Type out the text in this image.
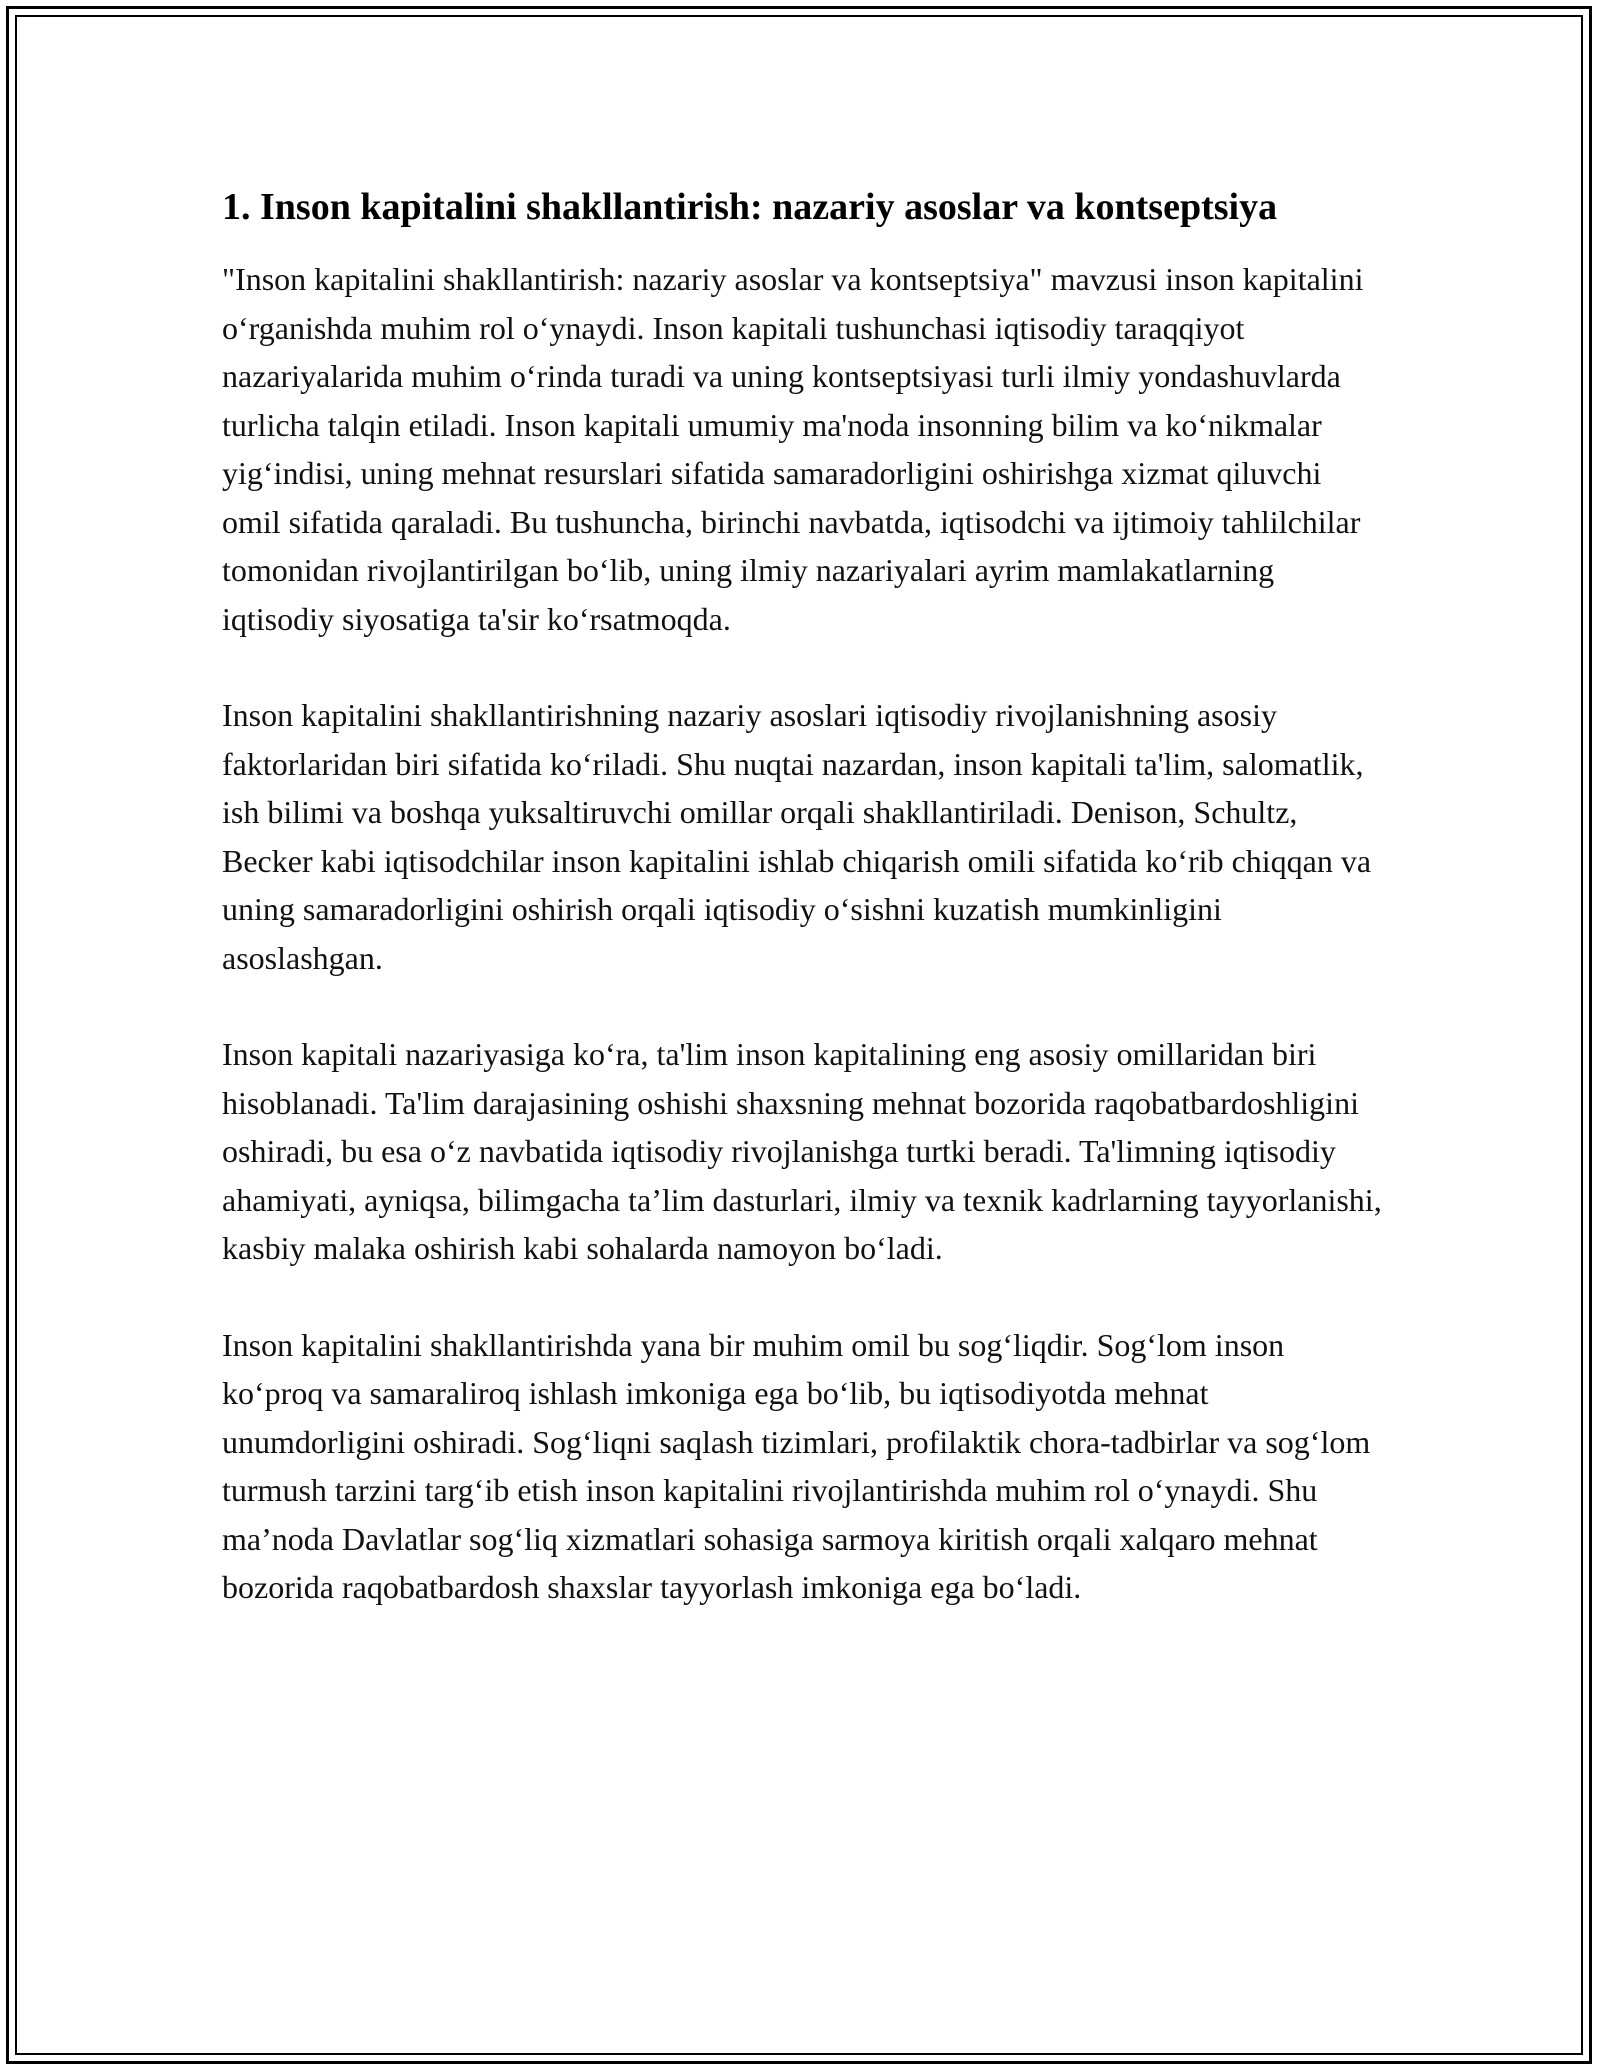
1. Inson kapitalini shakllantirish: nazariy asoslar va kontseptsiya

"Inson kapitalini shakllantirish: nazariy asoslar va kontseptsiya" mavzusi inson kapitalini oʻrganishda muhim rol oʻynaydi. Inson kapitali tushunchasi iqtisodiy taraqqiyot nazariyalarida muhim oʻrinda turadi va uning kontseptsiyasi turli ilmiy yondashuvlarda turlicha talqin etiladi. Inson kapitali umumiy ma'noda insonning bilim va koʻnikmalar yigʻindisi, uning mehnat resurslari sifatida samaradorligini oshirishga xizmat qiluvchi omil sifatida qaraladi. Bu tushuncha, birinchi navbatda, iqtisodchi va ijtimoiy tahlilchilar tomonidan rivojlantirilgan boʻlib, uning ilmiy nazariyalari ayrim mamlakatlarning iqtisodiy siyosatiga ta'sir koʻrsatmoqda.

Inson kapitalini shakllantirishning nazariy asoslari iqtisodiy rivojlanishning asosiy faktorlaridan biri sifatida koʻriladi. Shu nuqtai nazardan, inson kapitali ta'lim, salomatlik, ish bilimi va boshqa yuksaltiruvchi omillar orqali shakllantiriladi. Denison, Schultz, Becker kabi iqtisodchilar inson kapitalini ishlab chiqarish omili sifatida koʻrib chiqqan va uning samaradorligini oshirish orqali iqtisodiy oʻsishni kuzatish mumkinligini asoslashgan.

Inson kapitali nazariyasiga koʻra, ta'lim inson kapitalining eng asosiy omillaridan biri hisoblanadi. Ta'lim darajasining oshishi shaxsning mehnat bozorida raqobatbardoshligini oshiradi, bu esa oʻz navbatida iqtisodiy rivojlanishga turtki beradi. Ta'limning iqtisodiy ahamiyati, ayniqsa, bilimgacha ta’lim dasturlari, ilmiy va texnik kadrlarning tayyorlanishi, kasbiy malaka oshirish kabi sohalarda namoyon boʻladi.

Inson kapitalini shakllantirishda yana bir muhim omil bu sogʻliqdir. Sogʻlom inson koʻproq va samaraliroq ishlash imkoniga ega boʻlib, bu iqtisodiyotda mehnat unumdorligini oshiradi. Sogʻliqni saqlash tizimlari, profilaktik chora-tadbirlar va sogʻlom turmush tarzini targʻib etish inson kapitalini rivojlantirishda muhim rol oʻynaydi. Shu ma’noda Davlatlar sogʻliq xizmatlari sohasiga sarmoya kiritish orqali xalqaro mehnat bozorida raqobatbardosh shaxslar tayyorlash imkoniga ega boʻladi.
